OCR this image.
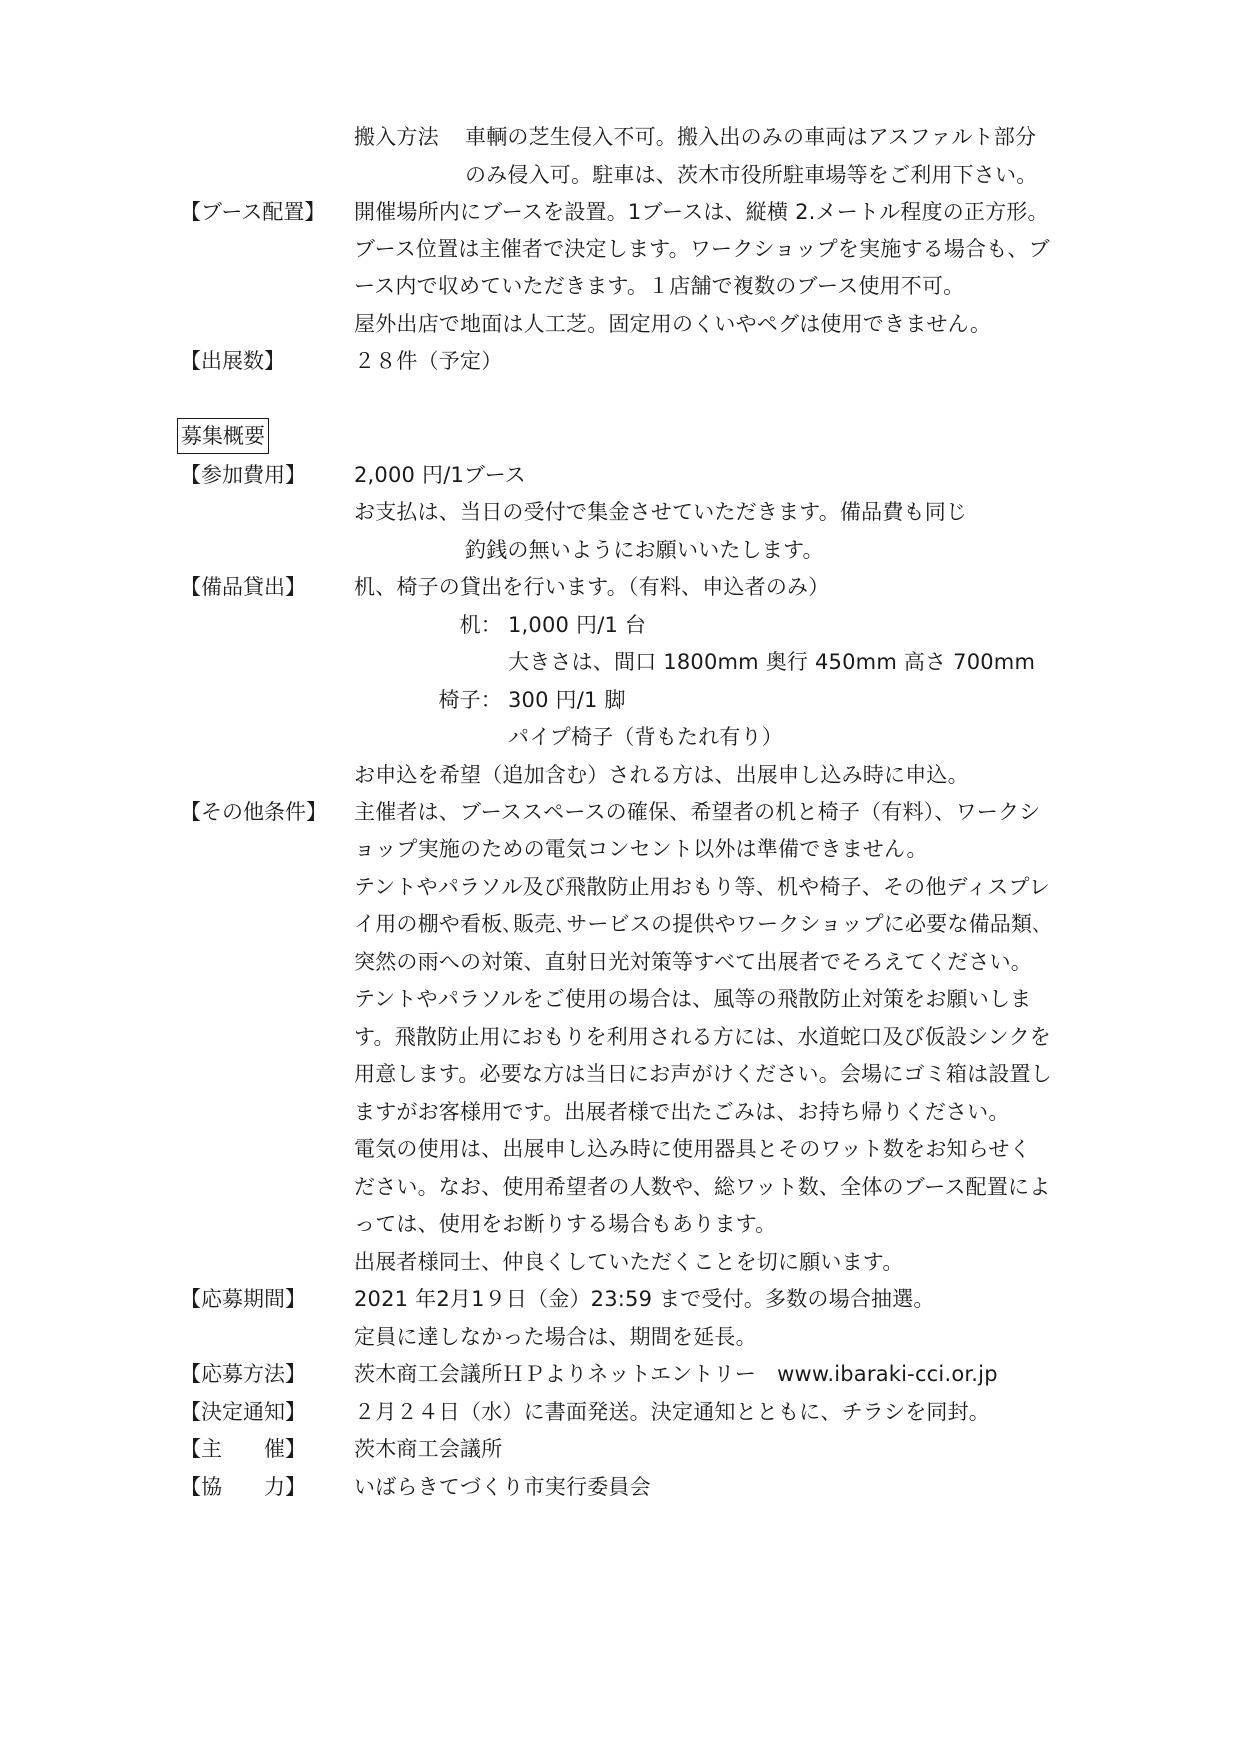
搬入方法 車輌の芝生侵入不可。搬入出のみの車両はアスファルト部分
のみ侵入可。駐車は、茨木市役所駐車場等をご利用下さい。
【ブース配置】 開催場所内にブースを設置。1ブースは、縦横 2.メートル程度の正方形。
ブース位置は主催者で決定します。ワークショップを実施する場合も、ブ
ース内で収めていただきます。１店舗で複数のブース使用不可。
屋外出店で地面は人工芝。固定用のくいやペグは使用できません。
【出展数】	２８件（予定）
募集概要
【参加費用】 2,000 円/1ブース
お支払は、当日の受付で集金させていただきます。備品費も同じ
釣銭の無いようにお願いいたします。
【備品貸出】 机、椅子の貸出を行います。（有料、申込者のみ）
机： 1,000 円/1 台
大きさは、間口 1800mm 奥行 450mm 高さ 700mm
椅子： 300 円/1 脚
パイプ椅子（背もたれ有り）
お申込を希望（追加含む）される方は、出展申し込み時に申込。
【その他条件】 主催者は、ブーススペースの確保、希望者の机と椅子（有料）、ワークシ
ョップ実施のための電気コンセント以外は準備できません。
テントやパラソル及び飛散防止用おもり等、机や椅子、その他ディスプレ
イ用の棚や看板､販売､サービスの提供やワークショップに必要な備品類､
突然の雨への対策、直射日光対策等すべて出展者でそろえてください。
テントやパラソルをご使用の場合は、風等の飛散防止対策をお願いしま
す。飛散防止用におもりを利用される方には、水道蛇口及び仮設シンクを
用意します。必要な方は当日にお声がけください。会場にゴミ箱は設置し
ますがお客様用です。出展者様で出たごみは、お持ち帰りください。
電気の使用は、出展申し込み時に使用器具とそのワット数をお知らせく
ださい。なお、使用希望者の人数や、総ワット数、全体のブース配置によ
っては、使用をお断りする場合もあります。
出展者様同士、仲良くしていただくことを切に願います。
【応募期間】 2021 年2月1９日（金）23:59 まで受付。多数の場合抽選。
定員に達しなかった場合は、期間を延長。
【応募方法】 茨木商工会議所ＨＰよりネットエントリー　www.ibaraki-cci.or.jp
【決定通知】 ２月２４日（水）に書面発送。決定通知とともに、チラシを同封。
【主　　催】 茨木商工会議所
【協　　力】 いばらきてづくり市実行委員会
